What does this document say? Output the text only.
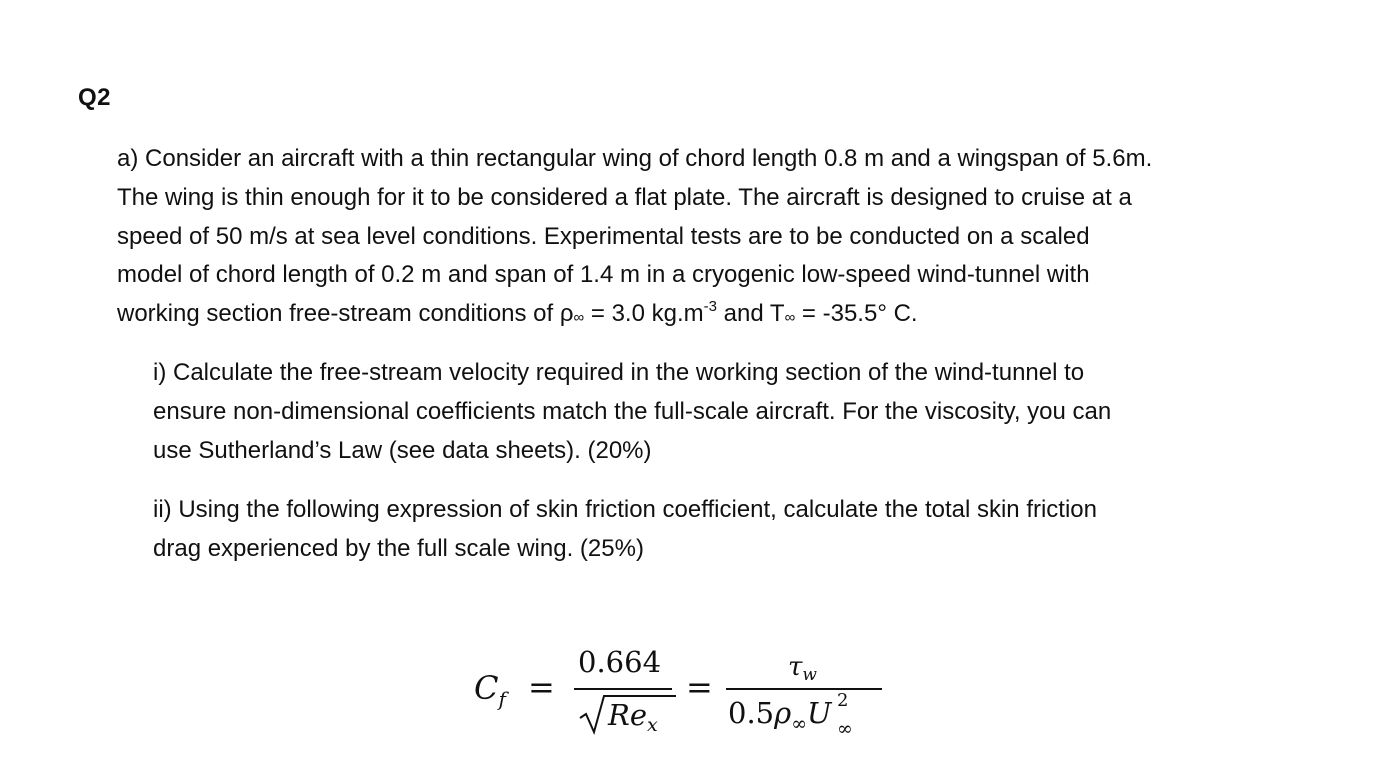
Q2
a) Consider an aircraft with a thin rectangular wing of chord length 0.8 m and a wingspan of 5.6m.
The wing is thin enough for it to be considered a flat plate. The aircraft is designed to cruise at a
speed of 50 m/s at sea level conditions. Experimental tests are to be conducted on a scaled
model of chord length of 0.2 m and span of 1.4 m in a cryogenic low-speed wind-tunnel with
working section free-stream conditions of ρ∞ = 3.0 $kg.m^{-3}$ and T∞ = -35.5° C.
i) Calculate the free-stream velocity required in the working section of the wind-tunnel to
ensure non-dimensional coefficients match the full-scale aircraft. For the viscosity, you can
use Sutherland’s Law (see data sheets). (20%)
ii) Using the following expression of skin friction coefficient, calculate the total skin friction
drag experienced by the full scale wing. (25%)
$C_f$ =
0.664
$Re_x$
=
τw
$0.5\rho_\infty U$ 2
∞
